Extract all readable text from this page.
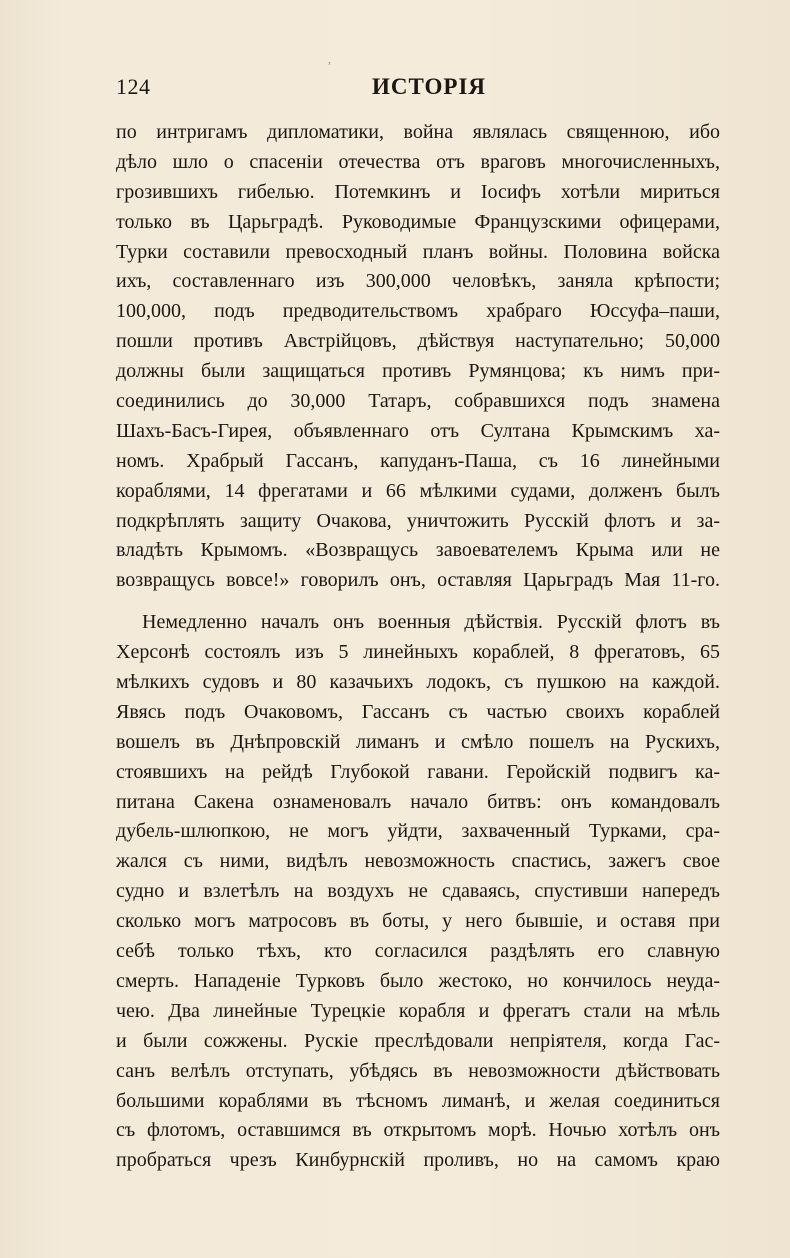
,
124	ИСТОРІЯ
по интригамъ дипломатики, война являлась священною, ибо
дѣло шло о спасеніи отечества отъ враговъ многочисленныхъ,
грозившихъ гибелью. Потемкинъ и Іосифъ хотѣли мириться
только въ Царьградѣ. Руководимые Французскими офицерами,
Турки составили превосходный планъ войны. Половина войска
ихъ, составленнаго изъ 300,000 человѣкъ, заняла крѣпости;
100,000, подъ предводительствомъ храбраго Юссуфа–паши,
пошли противъ Австрійцовъ, дѣйствуя наступательно; 50,000
должны были защищаться противъ Румянцова; къ нимъ при-
соединились до 30,000 Татаръ, собравшихся подъ знамена
Шахъ-Басъ-Гирея, объявленнаго отъ Султана Крымскимъ ха-
номъ. Храбрый Гассанъ, капуданъ-Паша, съ 16 линейными
кораблями, 14 фрегатами и 66 мѣлкими судами, долженъ былъ
подкрѣплять защиту Очакова, уничтожить Русскій флотъ и за-
владѣть Крымомъ. «Возвращусь завоевателемъ Крыма или не
возвращусь вовсе!» говорилъ онъ, оставляя Царьградъ Мая 11-го.
Немедленно началъ онъ военныя дѣйствія. Русскій флотъ въ
Херсонѣ состоялъ изъ 5 линейныхъ кораблей, 8 фрегатовъ, 65
мѣлкихъ судовъ и 80 казачьихъ лодокъ, съ пушкою на каждой.
Явясь подъ Очаковомъ, Гассанъ съ частью своихъ кораблей
вошелъ въ Днѣпровскій лиманъ и смѣло пошелъ на Рускихъ,
стоявшихъ на рейдѣ Глубокой гавани. Геройскій подвигъ ка-
питана Сакена ознаменовалъ начало битвъ: онъ командовалъ
дубель-шлюпкою, не могъ уйдти, захваченный Турками, сра-
жался съ ними, видѣлъ невозможность спастись, зажегъ свое
судно и взлетѣлъ на воздухъ не сдаваясь, спустивши напередъ
сколько могъ матросовъ въ боты, у него бывшіе, и оставя при
себѣ только тѣхъ, кто согласился раздѣлять его славную
смерть. Нападеніе Турковъ было жестоко, но кончилось неуда-
чею. Два линейные Турецкіе корабля и фрегатъ стали на мѣль
и были сожжены. Рускіе преслѣдовали непріятеля, когда Гас-
санъ велѣлъ отступать, убѣдясь въ невозможности дѣйствовать
большими кораблями въ тѣсномъ лиманѣ, и желая соединиться
съ флотомъ, оставшимся въ открытомъ морѣ. Ночью хотѣлъ онъ
пробраться чрезъ Кинбурнскій проливъ, но на самомъ краю
